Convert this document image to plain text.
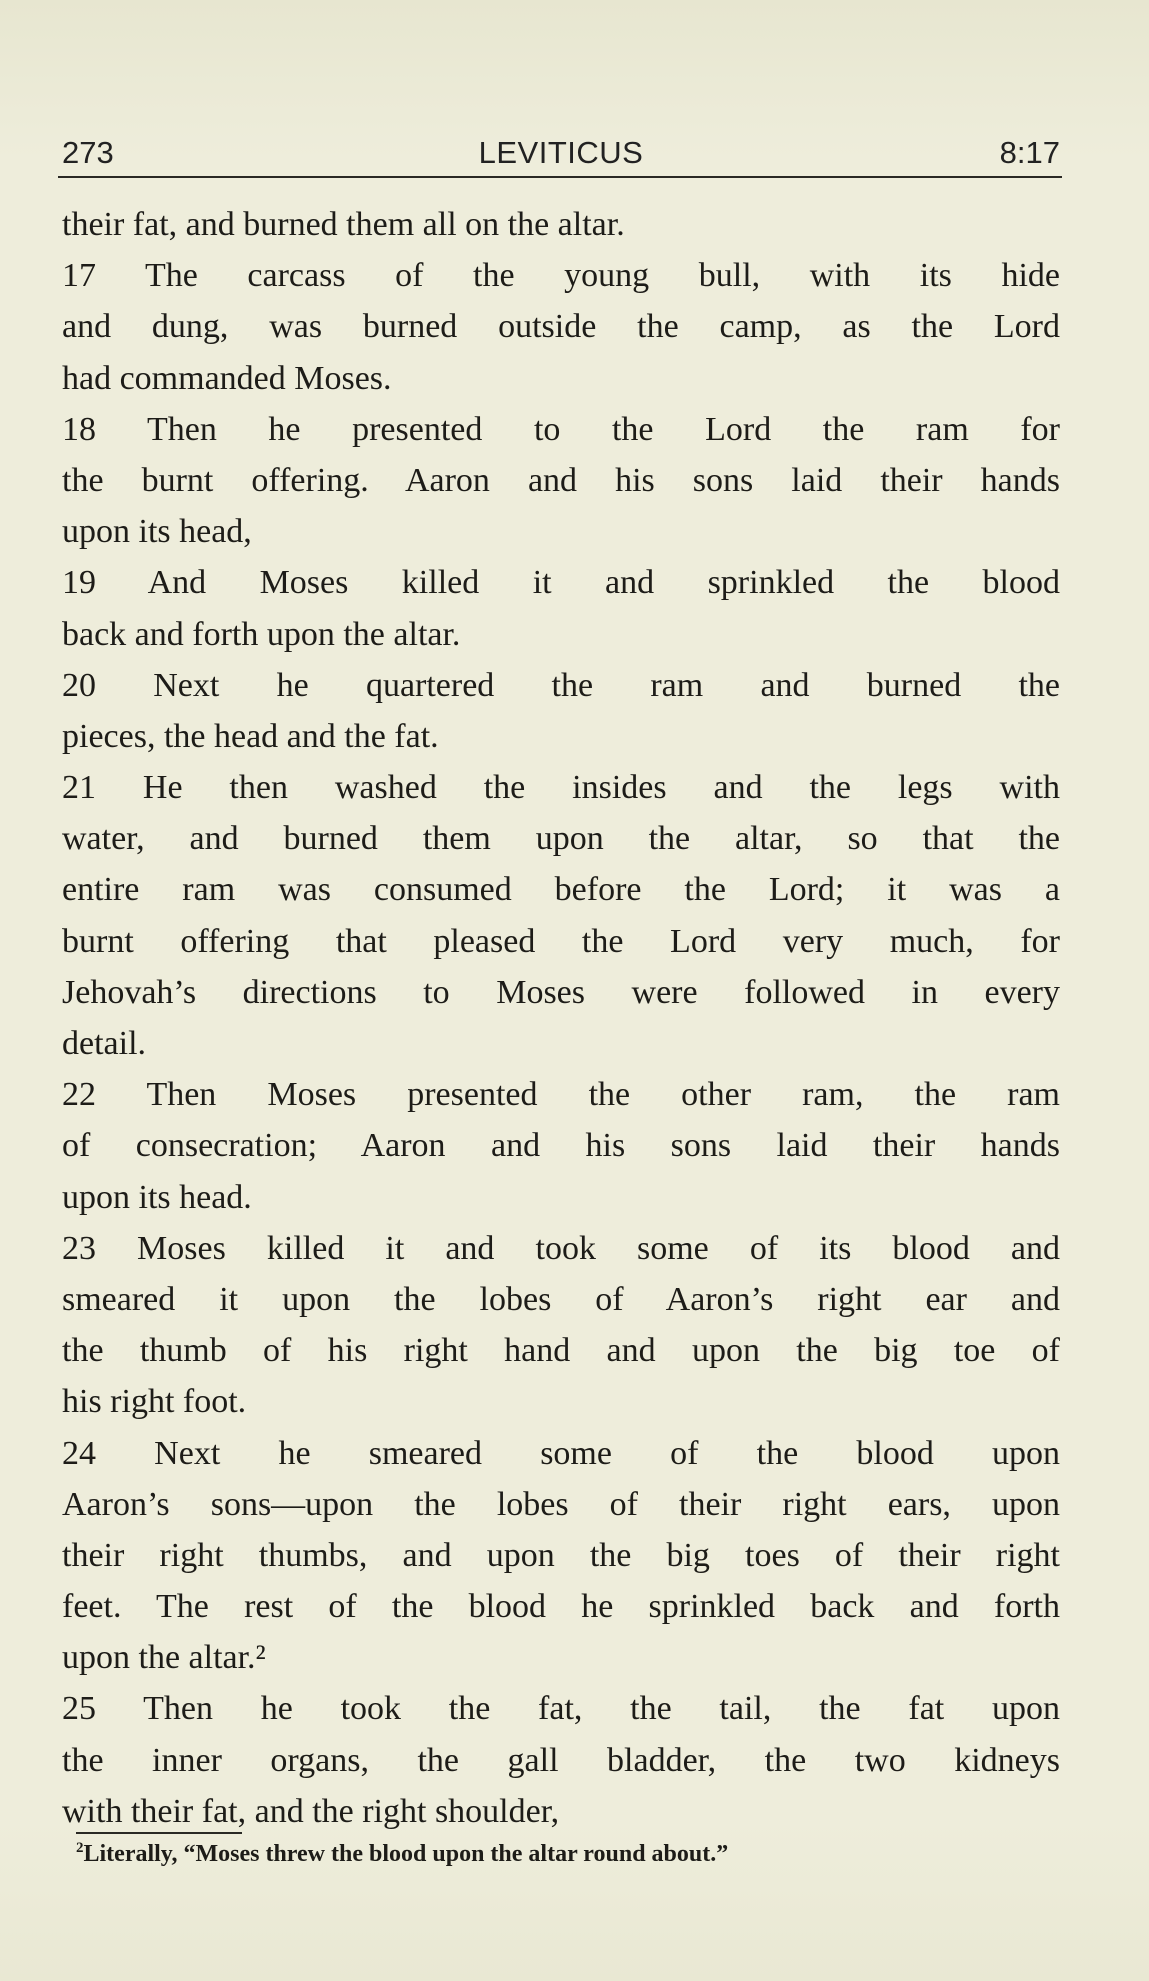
273	LEVITICUS	8:17
their fat, and burned them all on the altar.
17 The carcass of the young bull, with its hide
and dung, was burned outside the camp, as the Lord
had commanded Moses.
18 Then he presented to the Lord the ram for
the burnt offering. Aaron and his sons laid their hands
upon its head,
19 And Moses killed it and sprinkled the blood
back and forth upon the altar.
20 Next he quartered the ram and burned the
pieces, the head and the fat.
21 He then washed the insides and the legs with
water, and burned them upon the altar, so that the
entire ram was consumed before the Lord; it was a
burnt offering that pleased the Lord very much, for
Jehovah’s directions to Moses were followed in every
detail.
22 Then Moses presented the other ram, the ram
of consecration; Aaron and his sons laid their hands
upon its head.
23 Moses killed it and took some of its blood and
smeared it upon the lobes of Aaron’s right ear and
the thumb of his right hand and upon the big toe of
his right foot.
24 Next he smeared some of the blood upon
Aaron’s sons—upon the lobes of their right ears, upon
their right thumbs, and upon the big toes of their right
feet. The rest of the blood he sprinkled back and forth
upon the altar.²
25 Then he took the fat, the tail, the fat upon
the inner organs, the gall bladder, the two kidneys
with their fat, and the right shoulder,
$^2$Literally, “Moses threw the blood upon the altar round about.”
